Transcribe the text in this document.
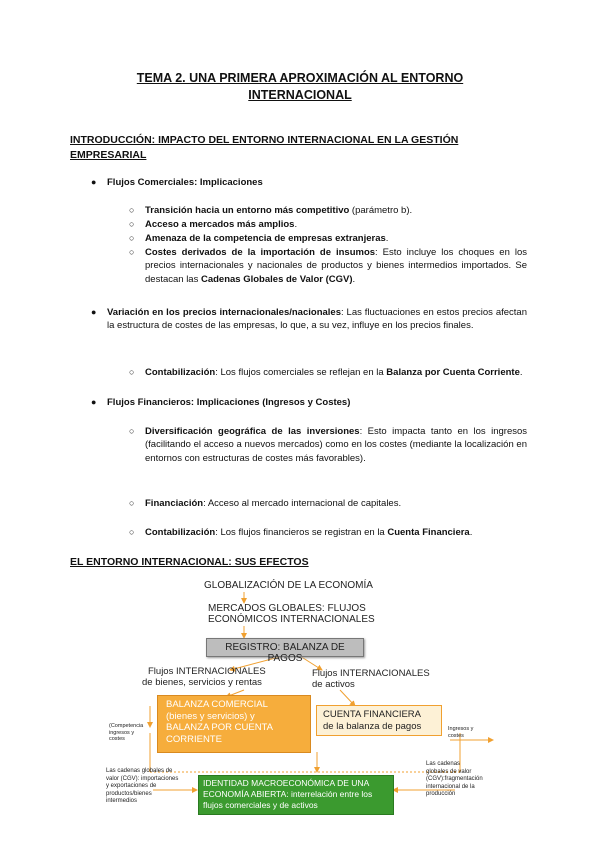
TEMA 2. UNA PRIMERA APROXIMACIÓN AL ENTORNO
INTERNACIONAL
INTRODUCCIÓN: IMPACTO DEL ENTORNO INTERNACIONAL EN LA GESTIÓN
EMPRESARIAL
● Flujos Comerciales: Implicaciones
○ Transición hacia un entorno más competitivo (parámetro b).
○ Acceso a mercados más amplios.
○ Amenaza de la competencia de empresas extranjeras.
○ Costes derivados de la importación de insumos: Esto incluye los choques en los precios internacionales y nacionales de productos y bienes intermedios importados. Se destacan las Cadenas Globales de Valor (CGV).
● Variación en los precios internacionales/nacionales: Las fluctuaciones en estos precios afectan la estructura de costes de las empresas, lo que, a su vez, influye en los precios finales.
○ Contabilización: Los flujos comerciales se reflejan en la Balanza por Cuenta Corriente.
● Flujos Financieros: Implicaciones (Ingresos y Costes)
○ Diversificación geográfica de las inversiones: Esto impacta tanto en los ingresos (facilitando el acceso a nuevos mercados) como en los costes (mediante la localización en entornos con estructuras de costes más favorables).
○ Financiación: Acceso al mercado internacional de capitales.
○ Contabilización: Los flujos financieros se registran en la Cuenta Financiera.
EL ENTORNO INTERNACIONAL: SUS EFECTOS
GLOBALIZACIÓN DE LA ECONOMÍA
MERCADOS GLOBALES: FLUJOS
ECONÓMICOS INTERNACIONALES
REGISTRO: BALANZA DE PAGOS
Flujos INTERNACIONALES
de bienes, servicios y rentas
Flujos INTERNACIONALES
de activos
BALANZA COMERCIAL
(bienes y servicios) y
BALANZA POR CUENTA
CORRIENTE
CUENTA FINANCIERA
de la balanza de pagos
(Competencia
ingresos y
costes
Ingresos y
costes
Las cadenas globales de
valor (CGV): importaciones
y exportaciones de
productos/bienes
intermedios
Las cadenas
globales de valor
(CGV):fragmentación
internacional de la
producción
IDENTIDAD MACROECONÓMICA DE UNA
ECONOMÍA ABIERTA: interrelación entre los
flujos comerciales y de activos
